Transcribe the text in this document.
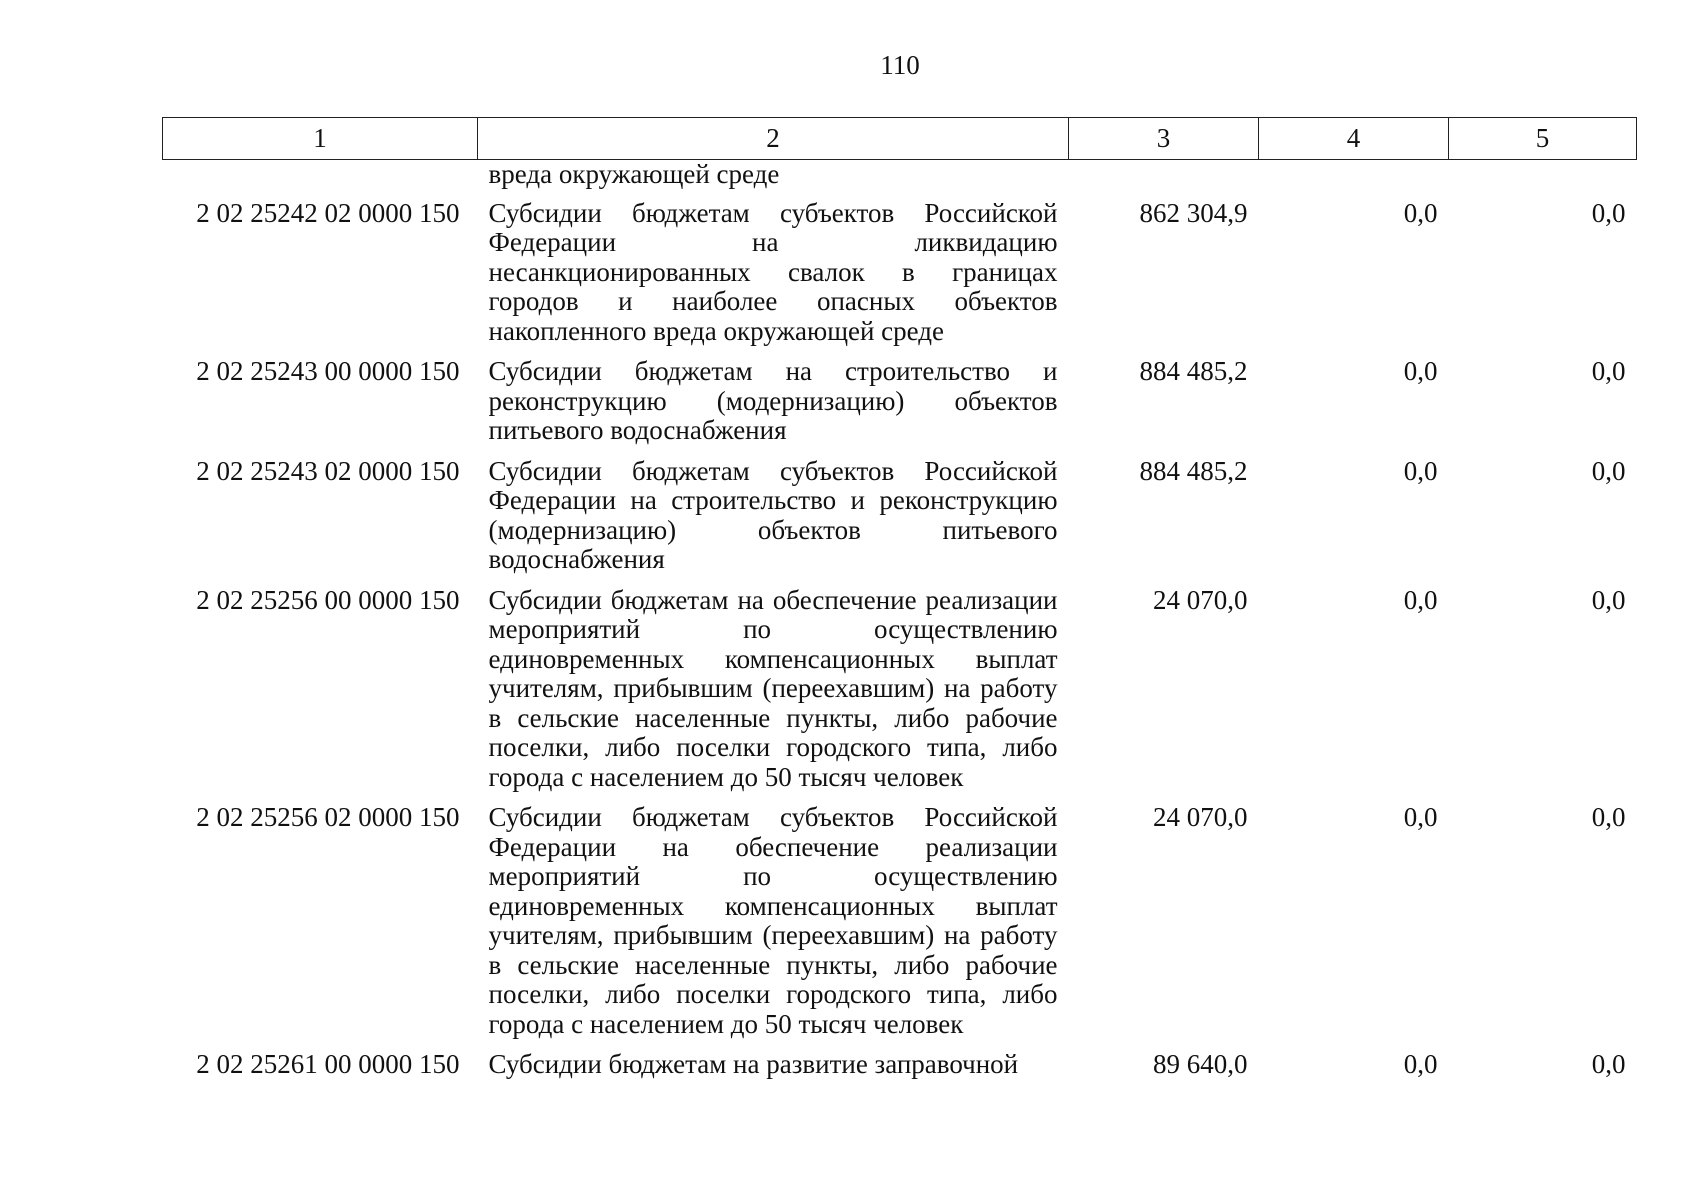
110
1	2	3	4	5
	вреда окружающей среде			
2 02 25242 02 0000 150	Субсидии бюджетам субъектов Российской Федерации на ликвидацию несанкционированных свалок в границах городов и наиболее опасных объектов накопленного вреда окружающей среде	862 304,9	0,0	0,0
2 02 25243 00 0000 150	Субсидии бюджетам на строительство и реконструкцию (модернизацию) объектов питьевого водоснабжения	884 485,2	0,0	0,0
2 02 25243 02 0000 150	Субсидии бюджетам субъектов Российской Федерации на строительство и реконструкцию (модернизацию) объектов питьевого водоснабжения	884 485,2	0,0	0,0
2 02 25256 00 0000 150	Субсидии бюджетам на обеспечение реализации мероприятий по осуществлению единовременных компенсационных выплат учителям, прибывшим (переехавшим) на работу в сельские населенные пункты, либо рабочие поселки, либо поселки городского типа, либо города с населением до 50 тысяч человек	24 070,0	0,0	0,0
2 02 25256 02 0000 150	Субсидии бюджетам субъектов Российской Федерации на обеспечение реализации мероприятий по осуществлению единовременных компенсационных выплат учителям, прибывшим (переехавшим) на работу в сельские населенные пункты, либо рабочие поселки, либо поселки городского типа, либо города с населением до 50 тысяч человек	24 070,0	0,0	0,0
2 02 25261 00 0000 150	Субсидии бюджетам на развитие заправочной	89 640,0	0,0	0,0
